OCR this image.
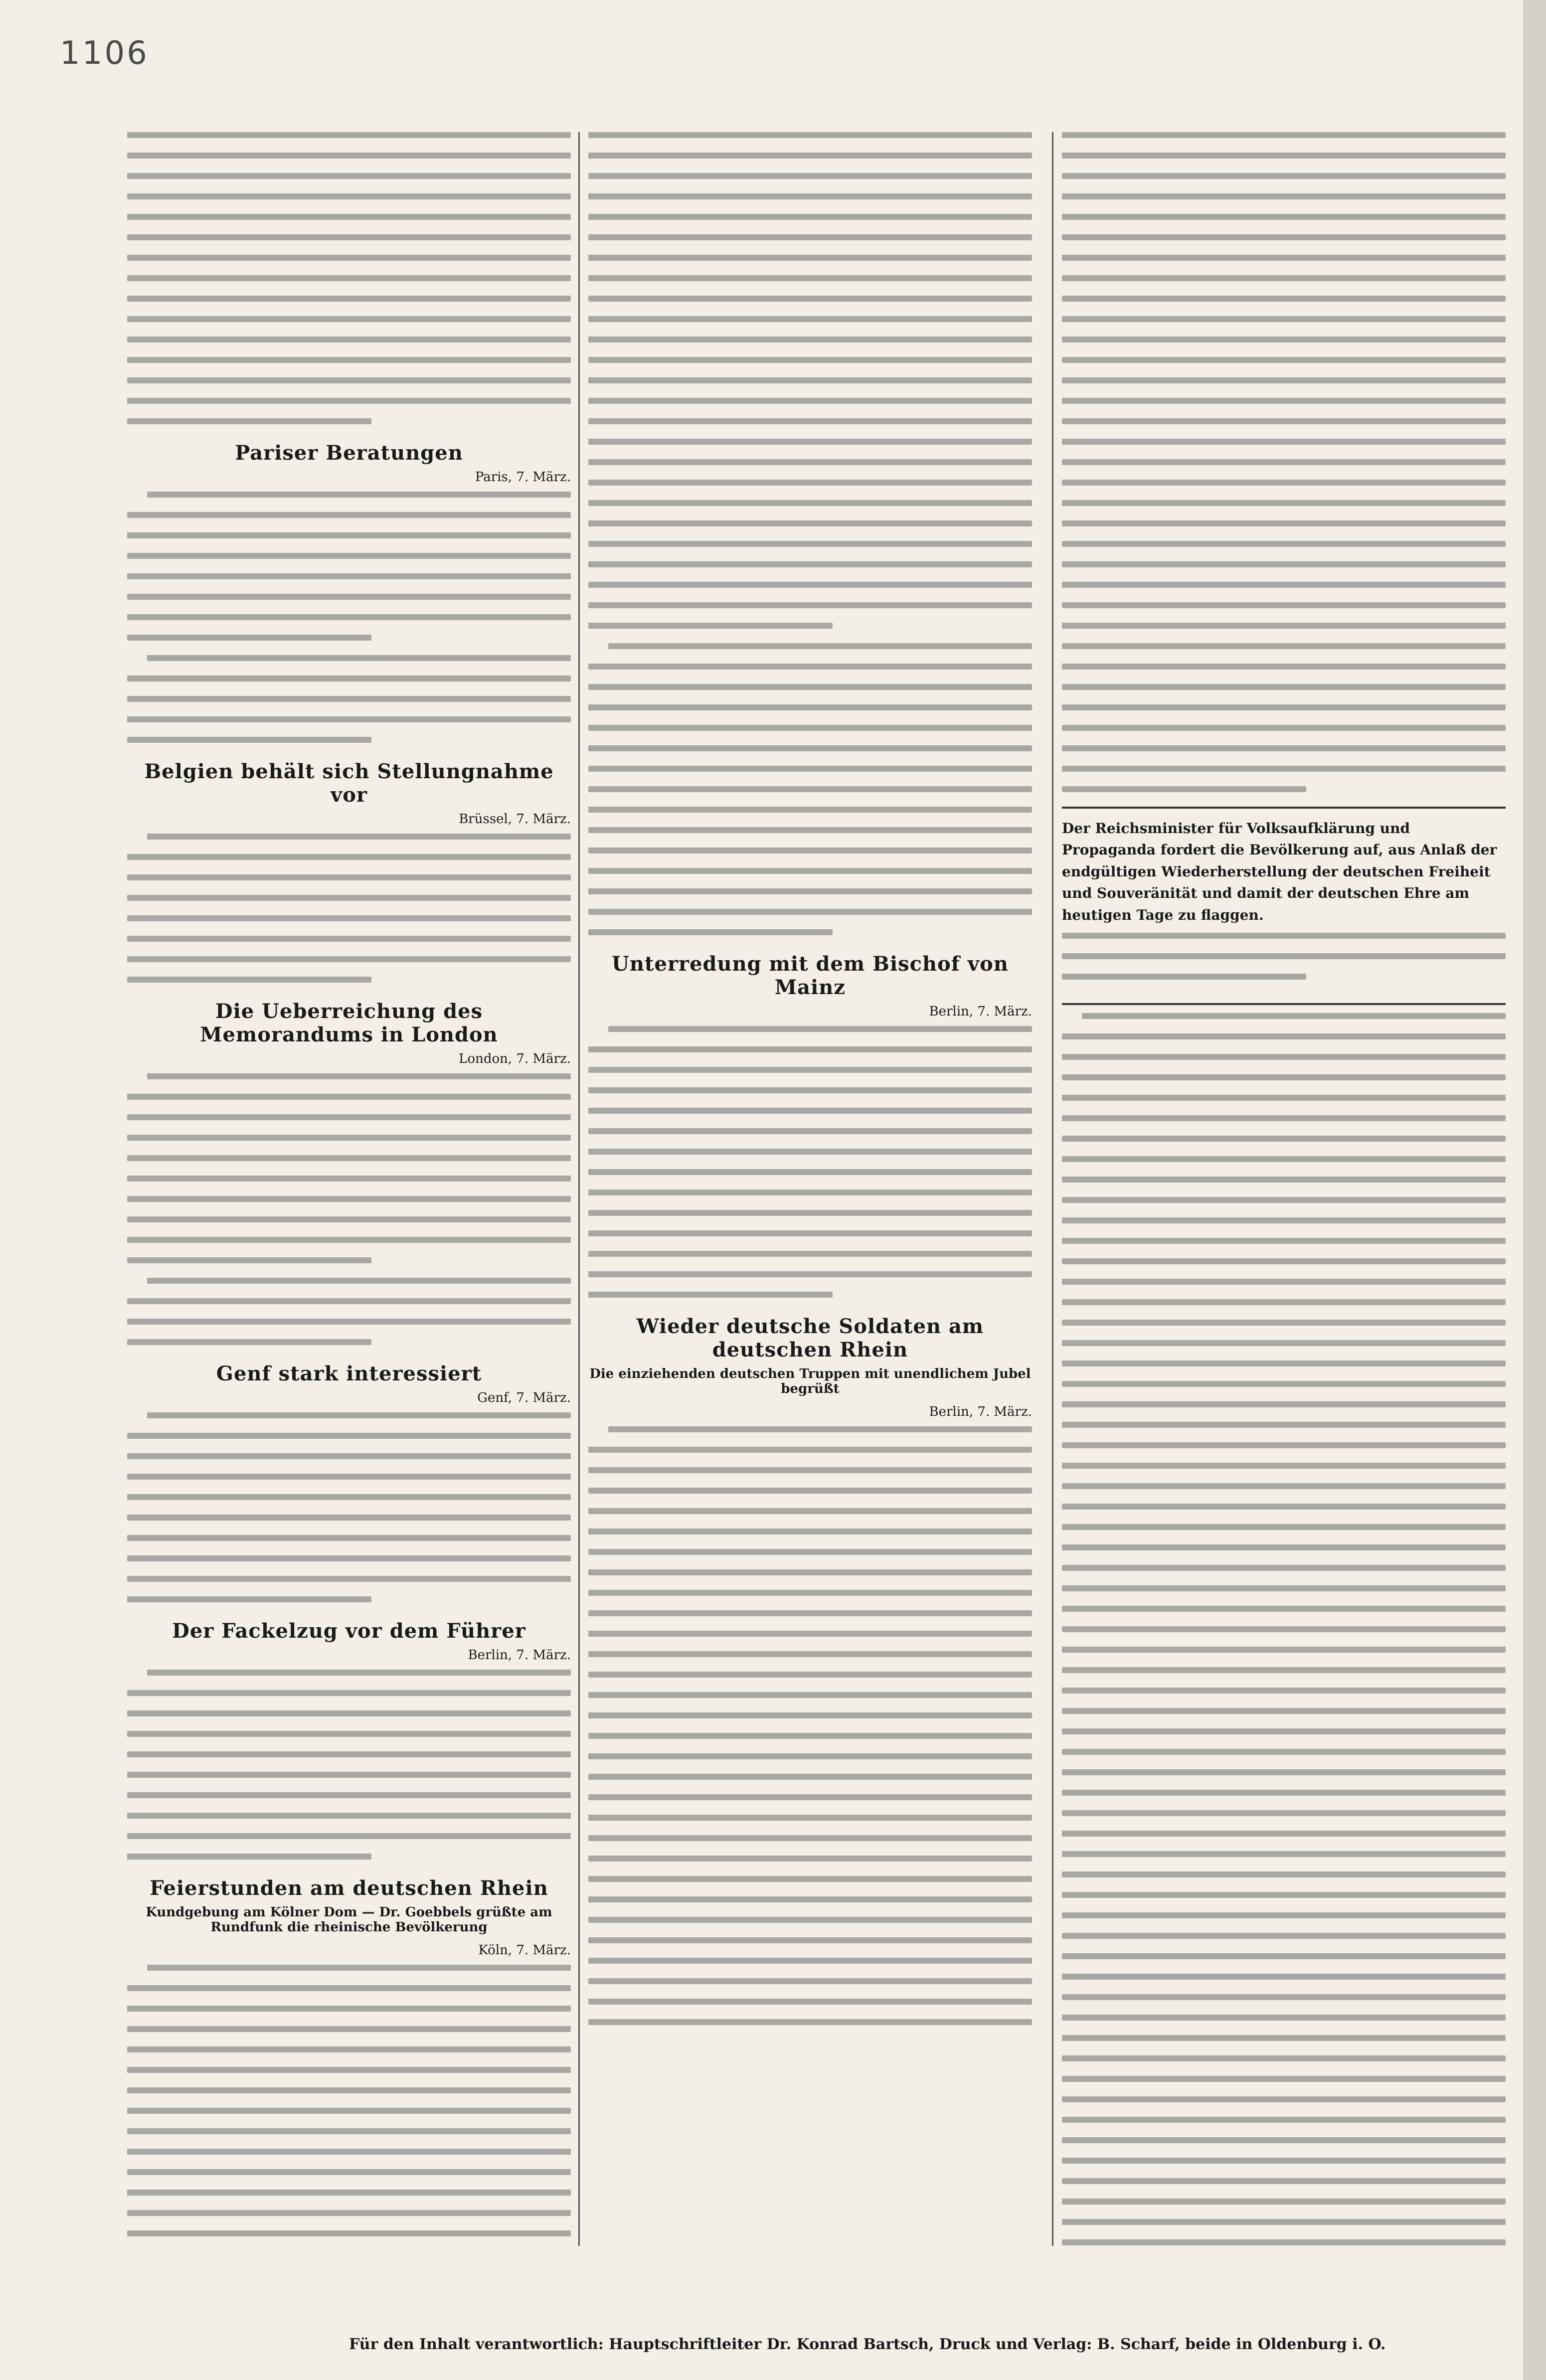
1106
Pariser Beratungen
Paris, 7. März.
Belgien behält sich Stellungnahme vor
Brüssel, 7. März.
Die Ueberreichung des Memorandums in London
London, 7. März.
Genf stark interessiert
Genf, 7. März.
Der Fackelzug vor dem Führer
Berlin, 7. März.
Feierstunden am deutschen Rhein
Kundgebung am Kölner Dom — Dr. Goebbels grüßte am Rundfunk die rheinische Bevölkerung
Köln, 7. März.
Unterredung mit dem Bischof von Mainz
Berlin, 7. März.
Wieder deutsche Soldaten am deutschen Rhein
Die einziehenden deutschen Truppen mit unendlichem Jubel begrüßt
Berlin, 7. März.
Der Reichsminister für Volksaufklärung und Propaganda fordert die Bevölkerung auf, aus Anlaß der endgültigen Wiederherstellung der deutschen Freiheit und Souveränität und damit der deutschen Ehre am heutigen Tage zu flaggen.
Für den Inhalt verantwortlich: Hauptschriftleiter Dr. Konrad Bartsch, Druck und Verlag: B. Scharf, beide in Oldenburg i. O.
